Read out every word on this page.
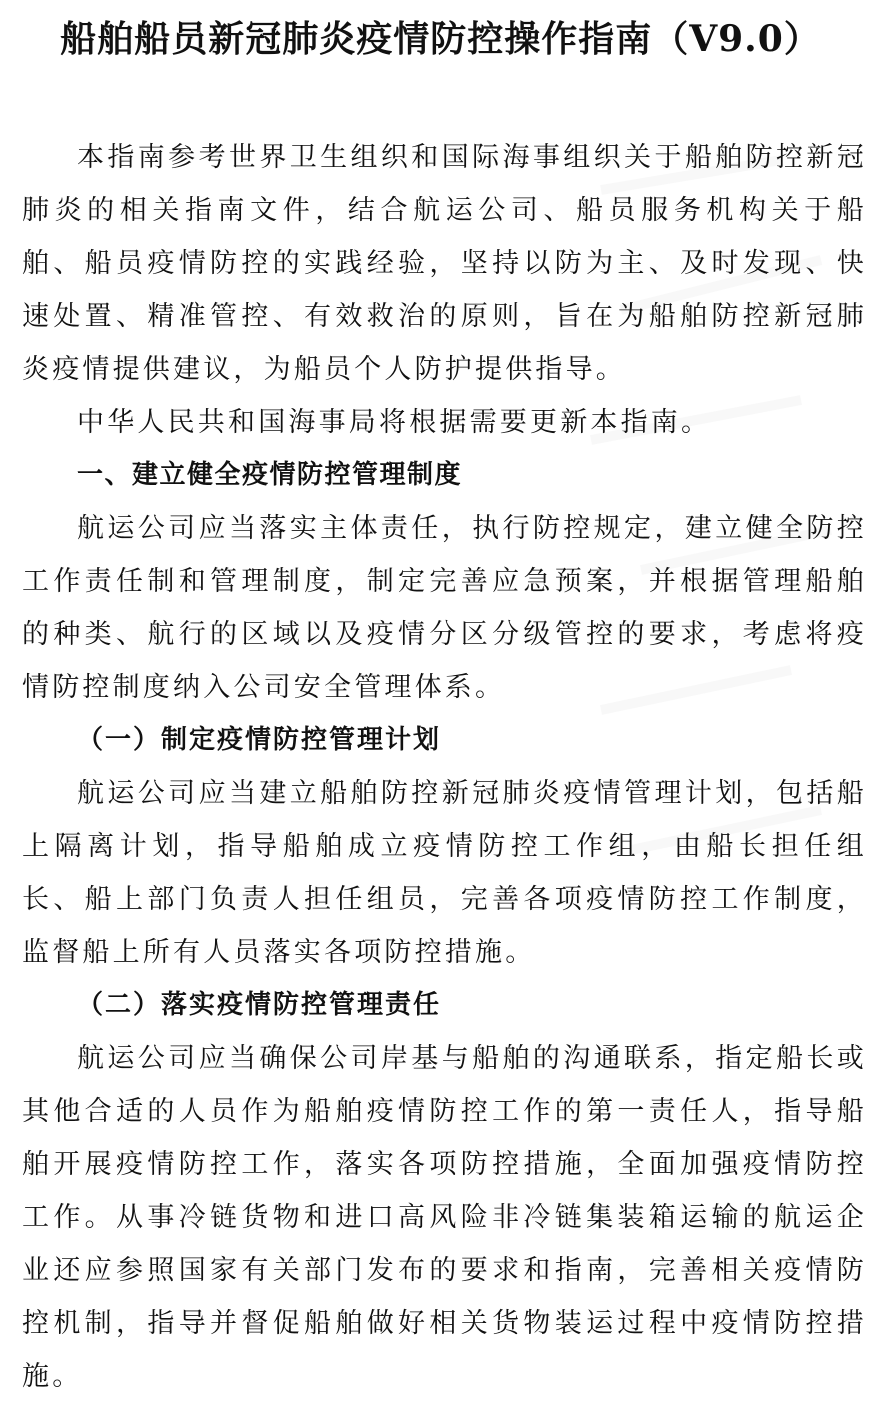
船舶船员新冠肺炎疫情防控操作指南（V9.0）

本指南参考世界卫生组织和国际海事组织关于船舶防控新冠肺炎的相关指南文件，结合航运公司、船员服务机构关于船舶、船员疫情防控的实践经验，坚持以防为主、及时发现、快速处置、精准管控、有效救治的原则，旨在为船舶防控新冠肺炎疫情提供建议，为船员个人防护提供指导。

中华人民共和国海事局将根据需要更新本指南。

一、建立健全疫情防控管理制度

航运公司应当落实主体责任，执行防控规定，建立健全防控工作责任制和管理制度，制定完善应急预案，并根据管理船舶的种类、航行的区域以及疫情分区分级管控的要求，考虑将疫情防控制度纳入公司安全管理体系。

（一）制定疫情防控管理计划

航运公司应当建立船舶防控新冠肺炎疫情管理计划，包括船上隔离计划，指导船舶成立疫情防控工作组，由船长担任组长、船上部门负责人担任组员，完善各项疫情防控工作制度，监督船上所有人员落实各项防控措施。

（二）落实疫情防控管理责任

航运公司应当确保公司岸基与船舶的沟通联系，指定船长或其他合适的人员作为船舶疫情防控工作的第一责任人，指导船舶开展疫情防控工作，落实各项防控措施，全面加强疫情防控工作。从事冷链货物和进口高风险非冷链集装箱运输的航运企业还应参照国家有关部门发布的要求和指南，完善相关疫情防控机制，指导并督促船舶做好相关货物装运过程中疫情防控措施。
